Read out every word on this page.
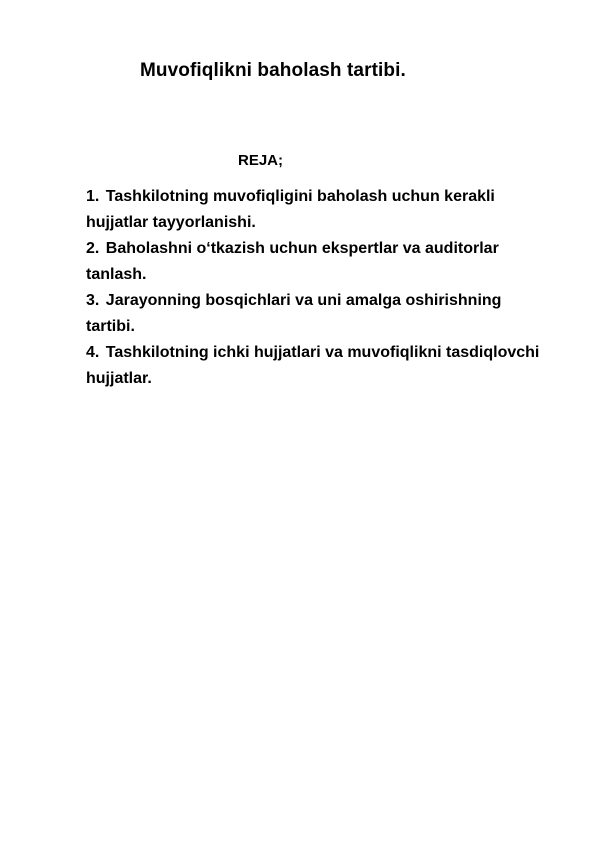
Muvofiqlikni baholash tartibi.
REJA;
1. Tashkilotning muvofiqligini baholash uchun kerakli hujjatlar tayyorlanishi.
2. Baholashni o‘tkazish uchun ekspertlar va auditorlar tanlash.
3. Jarayonning bosqichlari va uni amalga oshirishning tartibi.
4. Tashkilotning ichki hujjatlari va muvofiqlikni tasdiqlovchi hujjatlar.
